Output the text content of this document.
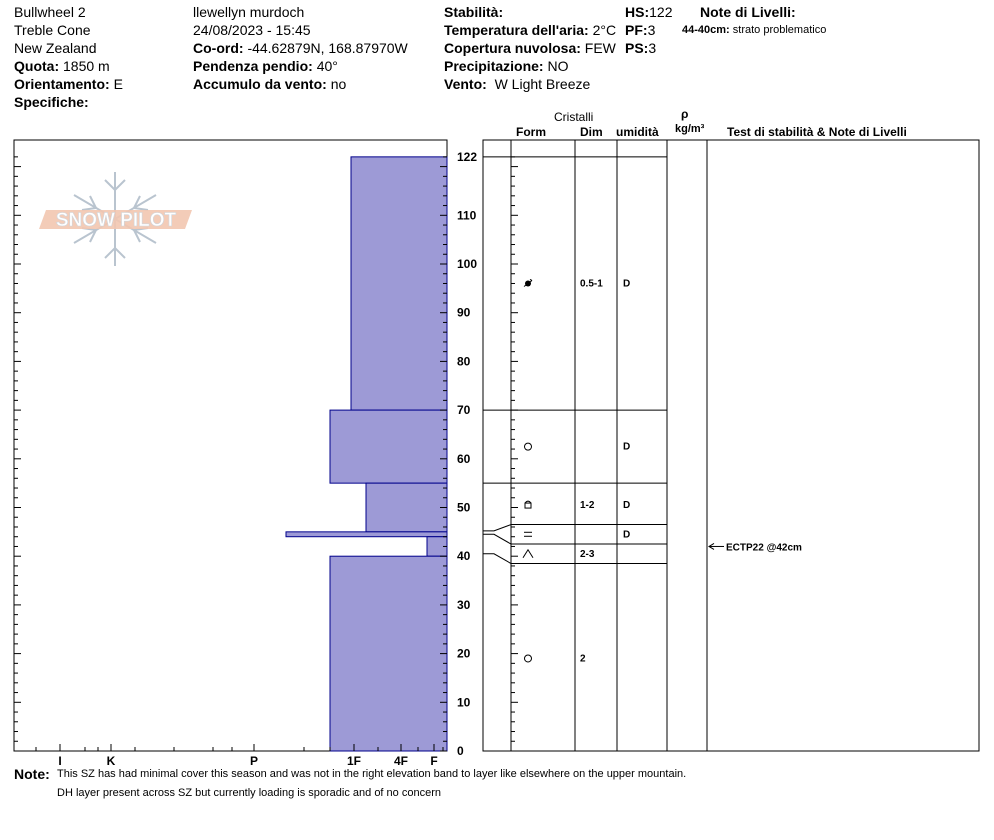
Bullwheel 2
Treble Cone
New Zealand
Quota: 1850 m
Orientamento: E
Specifiche:
llewellyn murdoch
24/08/2023 - 15:45
Co-ord: -44.62879N, 168.87970W
Pendenza pendio: 40°
Accumulo da vento: no
Stabilità:
Temperatura dell'aria: 2°C
Copertura nuvolosa: FEW
Precipitazione: NO
Vento: W Light Breeze
HS:122
PF:3
PS:3
Note di Livelli:
44-40cm: strato problematico
Cristalli
Form	Dim umidità
ρ
kg/m³ Test di stabilità & Note di Livelli
SNOW PILOT
0
10
20
30
40
50
60
70
80
90
100
110
122
I	K	P	1F	4F F
0.5-1 D
D
1-2	D
D
2-3
2
ECTP22 @42cm
Note: This SZ has had minimal cover this season and was not in the right elevation band to layer like elsewhere on the upper mountain.
DH layer present across SZ but currently loading is sporadic and of no concern
